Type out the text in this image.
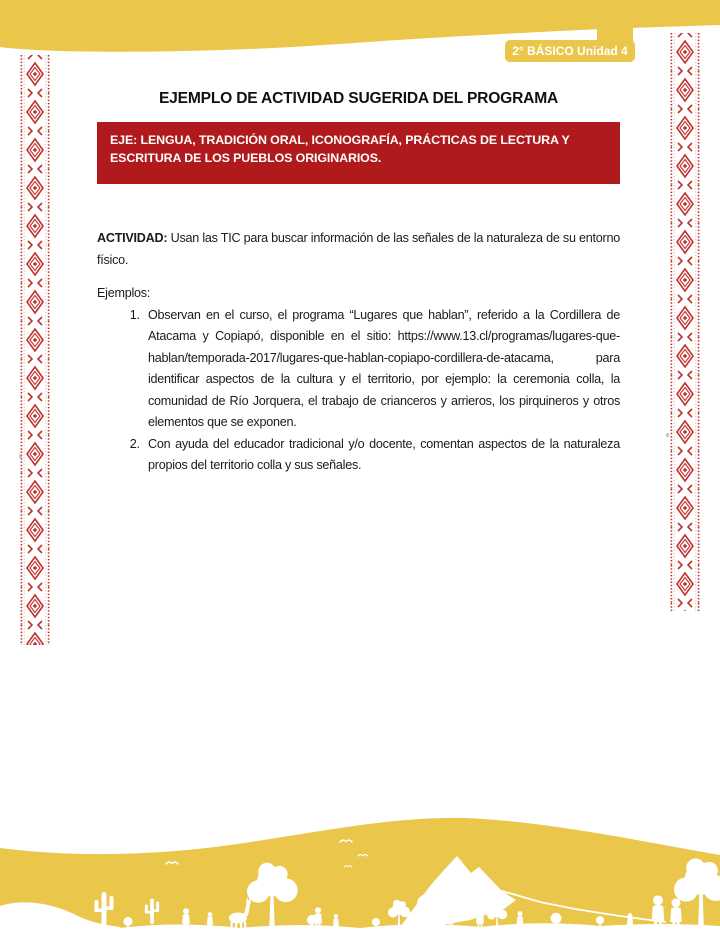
2° BÁSICO Unidad 4
EJEMPLO DE ACTIVIDAD SUGERIDA DEL PROGRAMA
EJE: LENGUA, TRADICIÓN ORAL, ICONOGRAFÍA, PRÁCTICAS DE LECTURA Y ESCRITURA DE LOS PUEBLOS ORIGINARIOS.

ACTIVIDAD: Usan las TIC para buscar información de las señales de la naturaleza de su entorno físico.

Ejemplos:

1. Observan en el curso, el programa “Lugares que hablan”, referido a la Cordillera de Atacama y Copiapó, disponible en el sitio: https://www.13.cl/programas/lugares-que-hablan/temporada-2017/lugares-que-hablan-copiapo-cordillera-de-atacama, para identificar aspectos de la cultura y el territorio, por ejemplo: la ceremonia colla, la comunidad de Río Jorquera, el trabajo de crianceros y arrieros, los pirquineros y otros elementos que se exponen.
2. Con ayuda del educador tradicional y/o docente, comentan aspectos de la naturaleza propios del territorio colla y sus señales.
